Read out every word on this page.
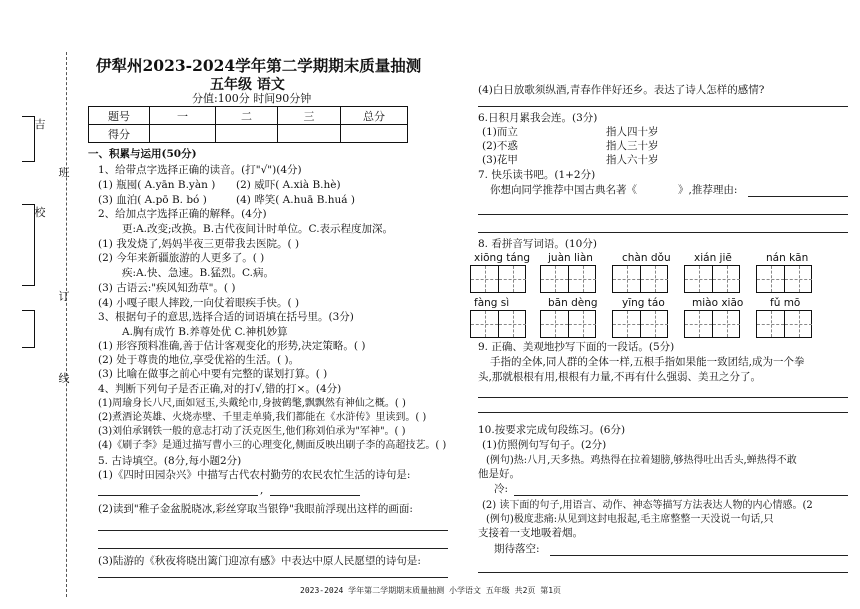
吉
班
校
订
线
伊犁州2023-2024学年第二学期期末质量抽测
五年级 语文
分值:100分 时间90分钟
题号	一	二	三	总分
得分				
一、积累与运用(50分)
1、给带点字选择正确的读音。(打"√")(4分)
(1) 瓶囤( A.yān B.yàn ) (2) 威吓( A.xià B.hè)
(3) 血泊( A.pō B. bó )	(4) 哗笑( A.huā B.huá )
2、给加点字选择正确的解释。(4分)
更:A.改变;改换。B.古代夜间计时单位。C.表示程度加深。
(1) 我发烧了,妈妈半夜三更带我去医院。( )
(2) 今年来新疆旅游的人更多了。( )
疾:A.快、急速。B.猛烈。C.病。
(3) 古语云:"疾风知劲草"。( )
(4) 小嘎子眼人摔跤,一向仗着眼疾手快。( )
3、根据句子的意思,选择合适的词语填在括号里。(3分)
A.胸有成竹 B.养尊处优 C.神机妙算
(1) 形容预料准确,善于估计客观变化的形势,决定策略。( )
(2) 处于尊贵的地位,享受优裕的生活。( )。
(3) 比喻在做事之前心中要有完整的谋划打算。( )
4、判断下列句子是否正确,对的打√,错的打×。(4分)
(1)周瑜身长八尺,面如冠玉,头戴纶巾,身披鹤氅,飘飘然有神仙之概。( )
(2)煮酒论英雄、火烧赤壁、千里走单骑,我们都能在《水浒传》里读到。( )
(3)刘伯承钢铁一般的意志打动了沃克医生,他们称刘伯承为"军神"。( )
(4)《刷子李》是通过描写曹小三的心理变化,侧面反映出刷子李的高超技艺。( )
5. 古诗填空。(8分,每小题2分)
(1)《四时田园杂兴》中描写古代农村勤劳的农民农忙生活的诗句是:
,
(2)读到"稚子金盆脱晓冰,彩丝穿取当银铮"我眼前浮现出这样的画面:
(3)陆游的《秋夜将晓出篱门迎凉有感》中表达中原人民愿望的诗句是:
(4)白日放歌须纵酒,青春作伴好还乡。表达了诗人怎样的感情?
6.日积月累我会连。(3分)
(1)而立
(2)不惑
(3)花甲
指人四十岁
指人三十岁
指人六十岁
7. 快乐读书吧。(1+2分)
你想向同学推荐中国古典名著《	》,推荐理由:
8. 看拼音写词语。(10分)
xiōng táng juàn liàn	chàn dǒu xián jiē	nán kān
fàng sì	bān dèng yīng táo	miào xiāo	fǔ mō
9. 正确、美观地抄写下面的一段话。(5分)
手指的全体,同人群的全体一样,五根手指如果能一致团结,成为一个拳
头,那就根根有用,根根有力量,不再有什么强弱、美丑之分了。
10.按要求完成句段练习。(6分)
(1)仿照例句写句子。(2分)
(例句)热:八月,天多热。鸡热得在拉着翅膀,够热得吐出舌头,蝉热得不敢
他是好。
冷:
(2) 读下面的句子,用语言、动作、神态等描写方法表达人物的内心情感。(2
(例句)极度悲痛:从见到这封电报起,毛主席整整一天没说一句话,只
支接着一支地吸着烟。
期待落空:
2023-2024 学年第二学期期末质量抽测 小学语文 五年级 共2页 第1页
